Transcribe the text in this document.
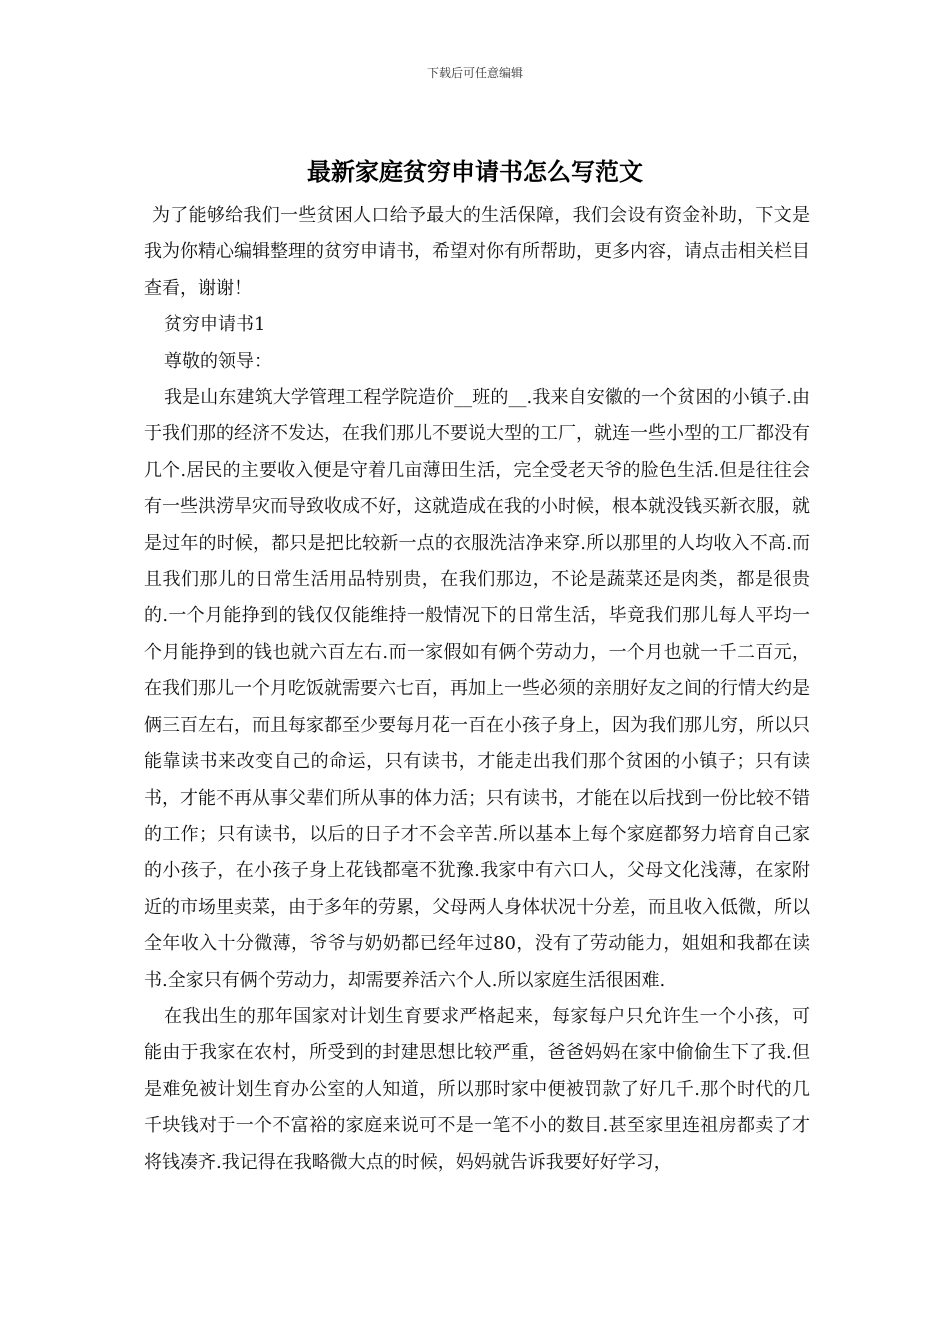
下载后可任意编辑
最新家庭贫穷申请书怎么写范文

为了能够给我们一些贫困人口给予最大的生活保障，我们会设有资金补助，下文是我为你精心编辑整理的贫穷申请书，希望对你有所帮助，更多内容，请点击相关栏目查看，谢谢！

贫穷申请书1

尊敬的领导：

我是山东建筑大学管理工程学院造价__班的__.我来自安徽的一个贫困的小镇子.由于我们那的经济不发达，在我们那儿不要说大型的工厂，就连一些小型的工厂都没有几个.居民的主要收入便是守着几亩薄田生活，完全受老天爷的脸色生活.但是往往会有一些洪涝旱灾而导致收成不好，这就造成在我的小时候，根本就没钱买新衣服，就是过年的时候，都只是把比较新一点的衣服洗洁净来穿.所以那里的人均收入不高.而且我们那儿的日常生活用品特别贵，在我们那边，不论是蔬菜还是肉类，都是很贵的.一个月能挣到的钱仅仅能维持一般情况下的日常生活，毕竟我们那儿每人平均一个月能挣到的钱也就六百左右.而一家假如有俩个劳动力，一个月也就一千二百元，在我们那儿一个月吃饭就需要六七百，再加上一些必须的亲朋好友之间的行情大约是俩三百左右，而且每家都至少要每月花一百在小孩子身上，因为我们那儿穷，所以只能靠读书来改变自己的命运，只有读书，才能走出我们那个贫困的小镇子；只有读书，才能不再从事父辈们所从事的体力活；只有读书，才能在以后找到一份比较不错的工作；只有读书，以后的日子才不会辛苦.所以基本上每个家庭都努力培育自己家的小孩子，在小孩子身上花钱都毫不犹豫.我家中有六口人，父母文化浅薄，在家附近的市场里卖菜，由于多年的劳累，父母两人身体状况十分差，而且收入低微，所以全年收入十分微薄，爷爷与奶奶都已经年过80，没有了劳动能力，姐姐和我都在读书.全家只有俩个劳动力，却需要养活六个人.所以家庭生活很困难.

在我出生的那年国家对计划生育要求严格起来，每家每户只允许生一个小孩，可能由于我家在农村，所受到的封建思想比较严重，爸爸妈妈在家中偷偷生下了我.但是难免被计划生育办公室的人知道，所以那时家中便被罚款了好几千.那个时代的几千块钱对于一个不富裕的家庭来说可不是一笔不小的数目.甚至家里连祖房都卖了才将钱凑齐.我记得在我略微大点的时候，妈妈就告诉我要好好学习，
